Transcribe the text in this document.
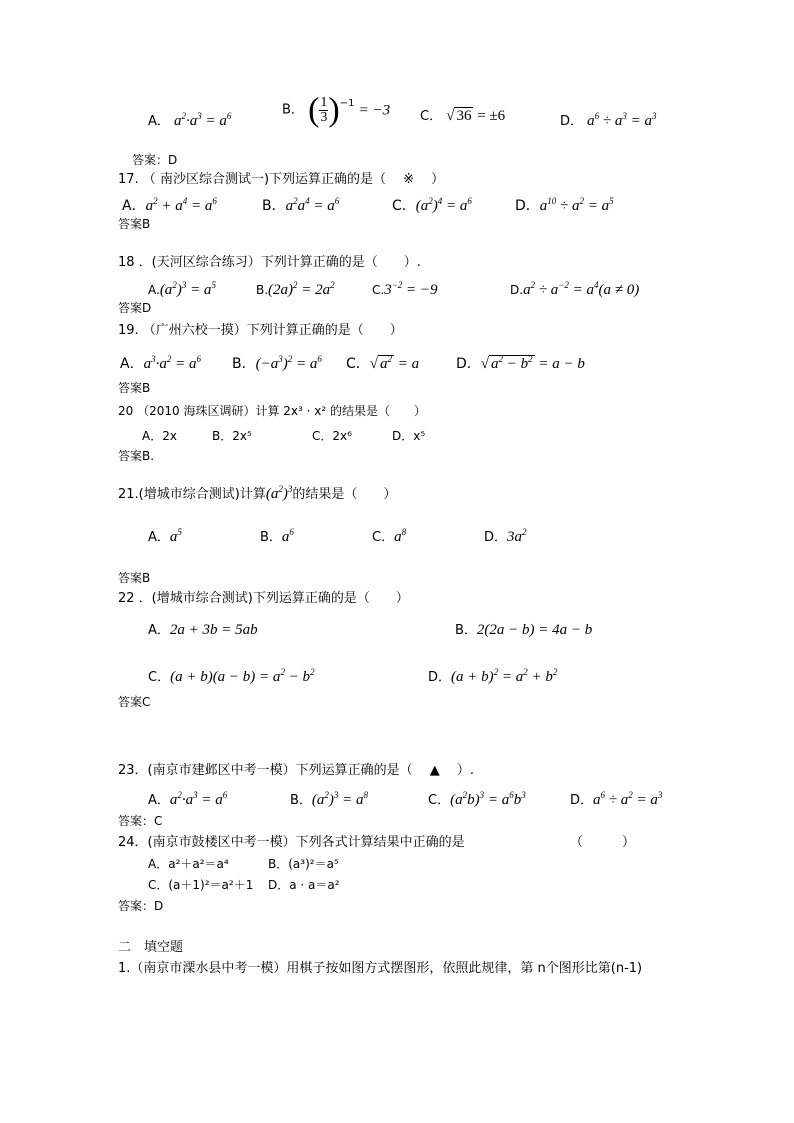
A． $a^2\cdot a^3 = a^6$	B． ( $\frac{1}{3} )^{-1} = -3$ C． √ 36 = ±6	D． $a^6 \div a^3 = a^3$
答案：D
17. （ 南沙区综合测试一)下列运算正确的是（　 ※　 ）
A．$a^2 + a^4 = a^6$	B．$a^2a^4 = a^6$	C．$(a^2)^4 = a^6$	D．$a^{10} \div a^2 = a^5$
答案B
18 ．(天河区综合练习）下列计算正确的是（　　）.
$A.(a^2)^3 = a^5$	$B.(2a)^2 = 2a^2$	$C.3^{-2} = -9$	$D.a^2 \div a^{-2} = a^4(a \ne 0)$
答案D
19. （广州六校一摸）下列计算正确的是（　　）
A．$a^3\cdot a^2 = a^6$ B．$(-a^3)^2 = a^6$ C．√ $a^2 = a$	D．√ $a^2 - b^2 = a - b$
答案B
20 （2010 海珠区调研）计算 2x³ · x² 的结果是（　　）
A．2x	B．2x⁵	C．2x⁶	D．x⁵
答案B.
21.(增城市综合测试)计算$(a^2)^3$的结果是（　　）
A．$a^5$	B．$a^6$	C．$a^8$	D．$3a^2$
答案B
22 ．(增城市综合测试)下列运算正确的是（　　）
A．2a + 3b = 5ab	B．2(2a − b) = 4a − b
C．$(a + b)(a - b) = a^2 - b^2$	D．$(a + b)^2 = a^2 + b^2$
答案C
23．(南京市建邺区中考一模）下列运算正确的是（　 ▲　 ）.
A．$a^2\cdot a^3 = a^6$	B．$(a^2)^3 = a^8$	C．$(a^2b)^3 = a^6b^3$	D．$a^6 \div a^2 = a^3$
答案：C
24．(南京市鼓楼区中考一模）下列各式计算结果中正确的是	（　　　）
A．a²＋a²＝a⁴	B．(a³)²＝a⁵
C．(a＋1)²＝a²＋1 D．a · a＝a²
答案：D
二　填空题
1.（南京市溧水县中考一模）用棋子按如图方式摆图形，依照此规律，第 n个图形比第(n-1)
